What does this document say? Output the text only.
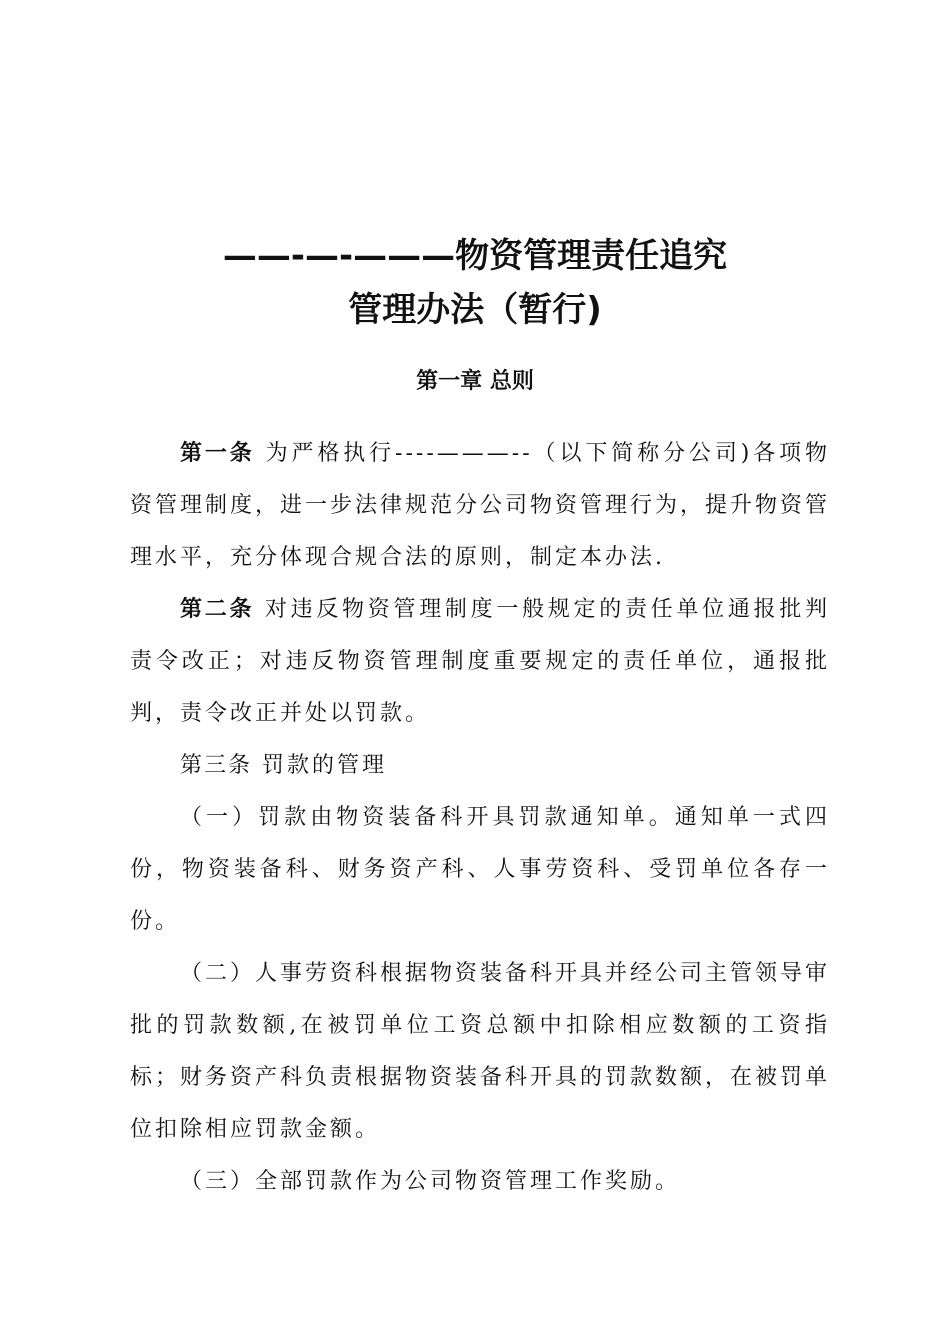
——-—-———物资管理责任追究
管理办法（暂行)
第一章 总则

第一条 为严格执行----———--（以下简称分公司)各项物资管理制度，进一步法律规范分公司物资管理行为，提升物资管理水平，充分体现合规合法的原则，制定本办法.

第二条 对违反物资管理制度一般规定的责任单位通报批判责令改正；对违反物资管理制度重要规定的责任单位，通报批判，责令改正并处以罚款。

第三条 罚款的管理

（一）罚款由物资装备科开具罚款通知单。通知单一式四份，物资装备科、财务资产科、人事劳资科、受罚单位各存一份。

（二）人事劳资科根据物资装备科开具并经公司主管领导审批的罚款数额,在被罚单位工资总额中扣除相应数额的工资指标；财务资产科负责根据物资装备科开具的罚款数额，在被罚单位扣除相应罚款金额。

（三）全部罚款作为公司物资管理工作奖励。
